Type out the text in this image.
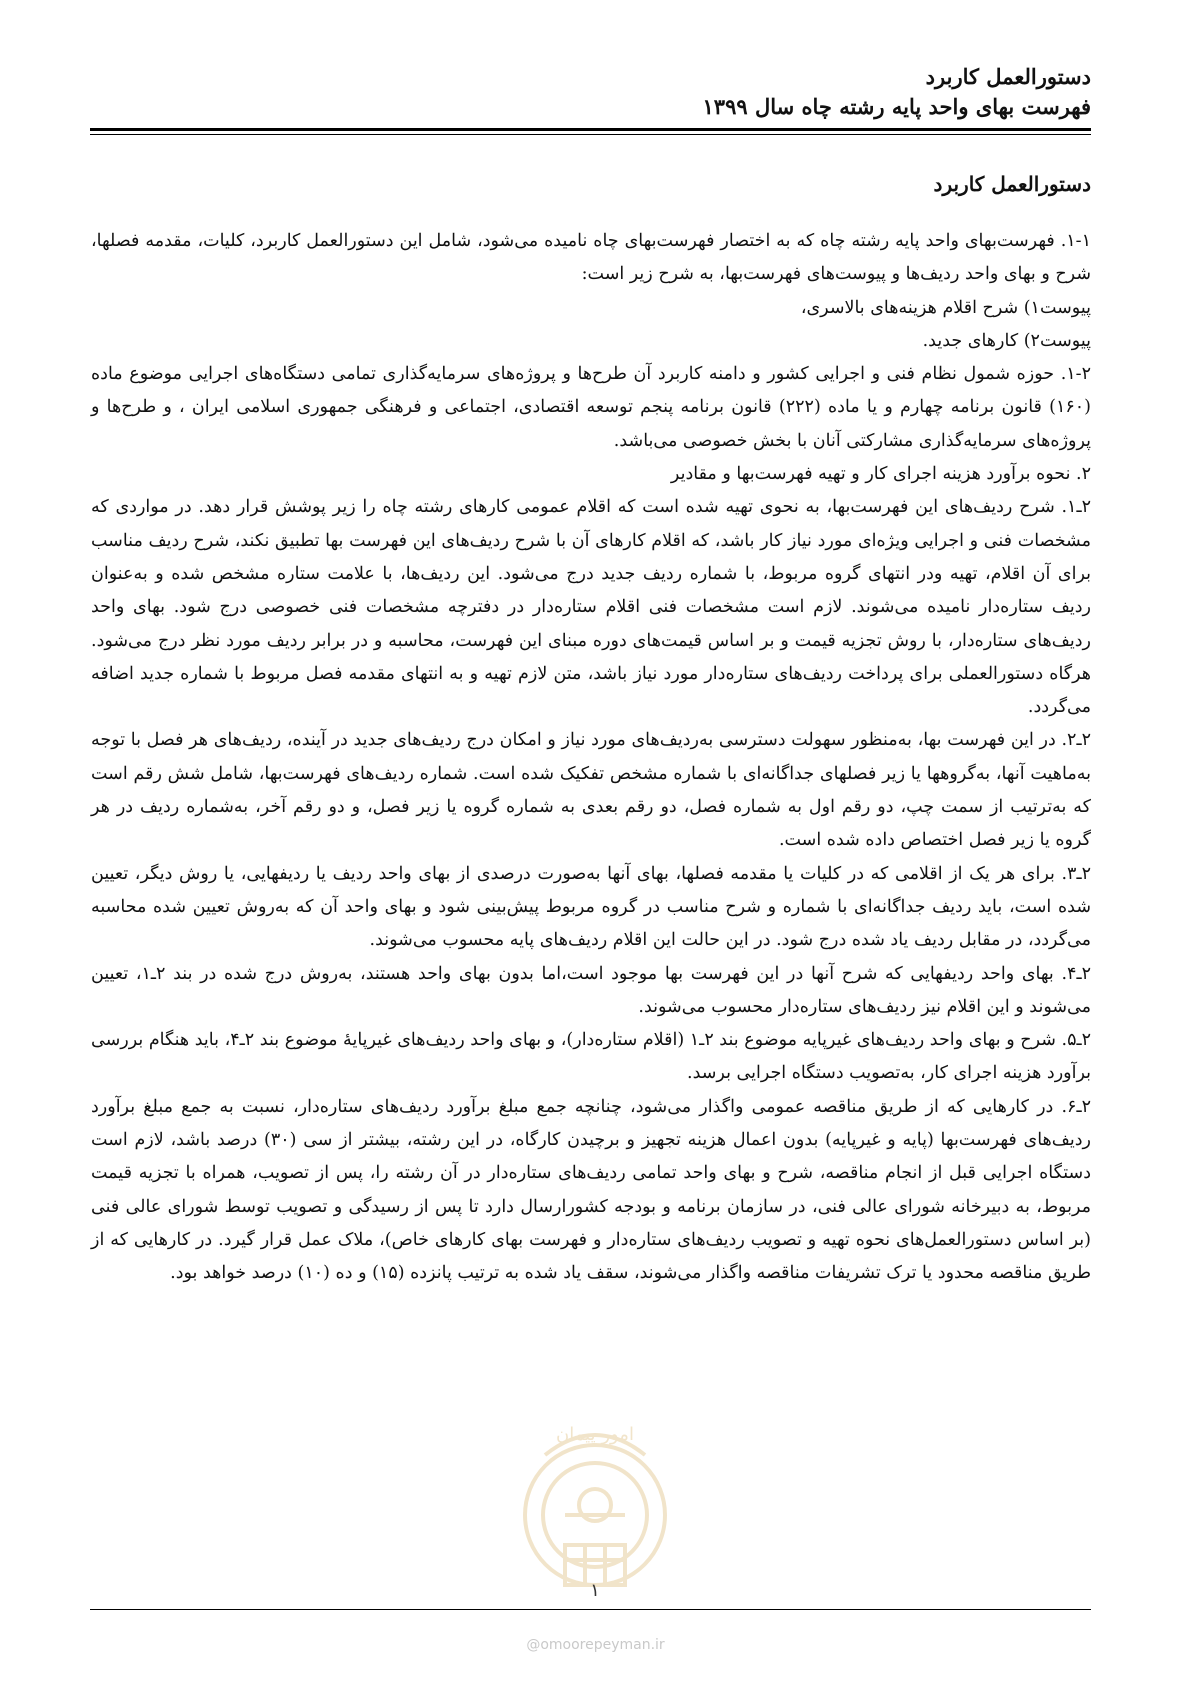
دستورالعمل کاربرد
فهرست بهای واحد پایه رشته چاه سال ۱۳۹۹
دستورالعمل کاربرد

۱-۱. فهرست‌بهای واحد پایه رشته چاه که به اختصار فهرست‌بهای چاه نامیده می‌شود، شامل این دستورالعمل کاربرد، کلیات، مقدمه فصلها، شرح و بهای واحد ردیف‌ها و پیوست‌های فهرست‌بها، به شرح زیر است:

پیوست۱) شرح اقلام هزینه‌های بالاسری،

پیوست۲) کارهای جدید.

۱-۲. حوزه شمول نظام فنی و اجرایی کشور و دامنه کاربرد آن طرح‌ها و پروژه‌های سرمایه‌گذاری تمامی دستگاه‌های اجرایی موضوع ماده (۱۶۰) قانون برنامه چهارم و یا ماده (۲۲۲) قانون برنامه پنجم توسعه اقتصادی، اجتماعی و فرهنگی جمهوری اسلامی ایران ، و طرح‌ها و پروژه‌های سرمایه‌گذاری مشارکتی آنان با بخش خصوصی می‌باشد.

۲. نحوه برآورد هزینه اجرای کار و تهیه فهرست‌بها و مقادیر

۲ـ۱. شرح ردیف‌های این فهرست‌بها، به نحوی تهیه شده است که اقلام عمومی کارهای رشته چاه را زیر پوشش قرار دهد. در مواردی که مشخصات فنی و اجرایی ویژه‌ای مورد نیاز کار باشد، که اقلام کارهای آن با شرح ردیف‌های این فهرست بها تطبیق نکند، شرح ردیف مناسب برای آن اقلام، تهیه ودر انتهای گروه مربوط، با شماره ردیف جدید درج می‌شود. این ردیف‌ها، با علامت ستاره مشخص شده و به‌عنوان ردیف ستاره‌دار نامیده می‌شوند. لازم است مشخصات فنی اقلام ستاره‌دار در دفترچه مشخصات فنی خصوصی درج شود. بهای واحد ردیف‌های ستاره‌دار، با روش تجزیه قیمت و بر اساس قیمت‌های دوره مبنای این فهرست، محاسبه و در برابر ردیف مورد نظر درج می‌شود. هرگاه دستورالعملی برای پرداخت ردیف‌های ستاره‌دار مورد نیاز باشد، متن لازم تهیه و به انتهای مقدمه فصل مربوط با شماره جدید اضافه می‌گردد.

۲ـ۲. در این فهرست بها، به‌منظور سهولت دسترسی به‌ردیف‌های مورد نیاز و امکان درج ردیف‌های جدید در آینده، ردیف‌های هر فصل با توجه به‌ماهیت آنها، به‌گروهها یا زیر فصلهای جداگانه‌ای با شماره مشخص تفکیک شده است. شماره ردیف‌های فهرست‌بها، شامل شش رقم است که به‌ترتیب از سمت چپ، دو رقم اول به شماره فصل، دو رقم بعدی به شماره گروه یا زیر فصل، و دو رقم آخر، به‌شماره ردیف در هر گروه یا زیر فصل اختصاص داده شده است.

۲ـ۳. برای هر یک از اقلامی که در کلیات یا مقدمه فصلها، بهای آنها به‌صورت درصدی از بهای واحد ردیف یا ردیفهایی، یا روش دیگر، تعیین شده است، باید ردیف جداگانه‌ای با شماره و شرح مناسب در گروه مربوط پیش‌بینی شود و بهای واحد آن که به‌روش تعیین شده محاسبه می‌گردد، در مقابل ردیف یاد شده درج شود. در این حالت این اقلام ردیف‌های پایه محسوب می‌شوند.

۲ـ۴. بهای واحد ردیفهایی که شرح آنها در این فهرست بها موجود است،اما بدون بهای واحد هستند، به‌روش درج شده در بند ۲ـ۱، تعیین می‌شوند و این اقلام نیز ردیف‌های ستاره‌دار محسوب می‌شوند.

۲ـ۵. شرح و بهای واحد ردیف‌های غیرپایه موضوع بند ۲ـ۱ (اقلام ستاره‌دار)، و بهای واحد ردیف‌های غیرپایهٔ موضوع بند ۲ـ۴، باید هنگام بررسی برآورد هزینه اجرای کار، به‌تصویب دستگاه اجرایی برسد.

۲ـ۶. در کارهایی که از طریق مناقصه عمومی واگذار می‌شود، چنانچه جمع مبلغ برآورد ردیف‌های ستاره‌دار، نسبت به جمع مبلغ برآورد ردیف‌های فهرست‌بها (پایه و غیرپایه) بدون اعمال هزینه تجهیز و برچیدن کارگاه، در این رشته، بیشتر از سی (۳۰) درصد باشد، لازم است دستگاه اجرایی قبل از انجام مناقصه، شرح و بهای واحد تمامی ردیف‌های ستاره‌دار در آن رشته را، پس از تصویب، همراه با تجزیه قیمت مربوط، به دبیرخانه شورای عالی فنی، در سازمان برنامه و بودجه کشورارسال دارد تا پس از رسیدگی و تصویب توسط شورای عالی فنی (بر اساس دستورالعمل‌های نحوه تهیه و تصویب ردیف‌های ستاره‌دار و فهرست بهای کارهای خاص)، ملاک عمل قرار گیرد. در کارهایی که از طریق مناقصه محدود یا ترک تشریفات مناقصه واگذار می‌شوند، سقف یاد شده به ترتیب پانزده (۱۵) و ده (۱۰) درصد خواهد بود.

امور پیمان
۱
@omoorepeyman.ir
